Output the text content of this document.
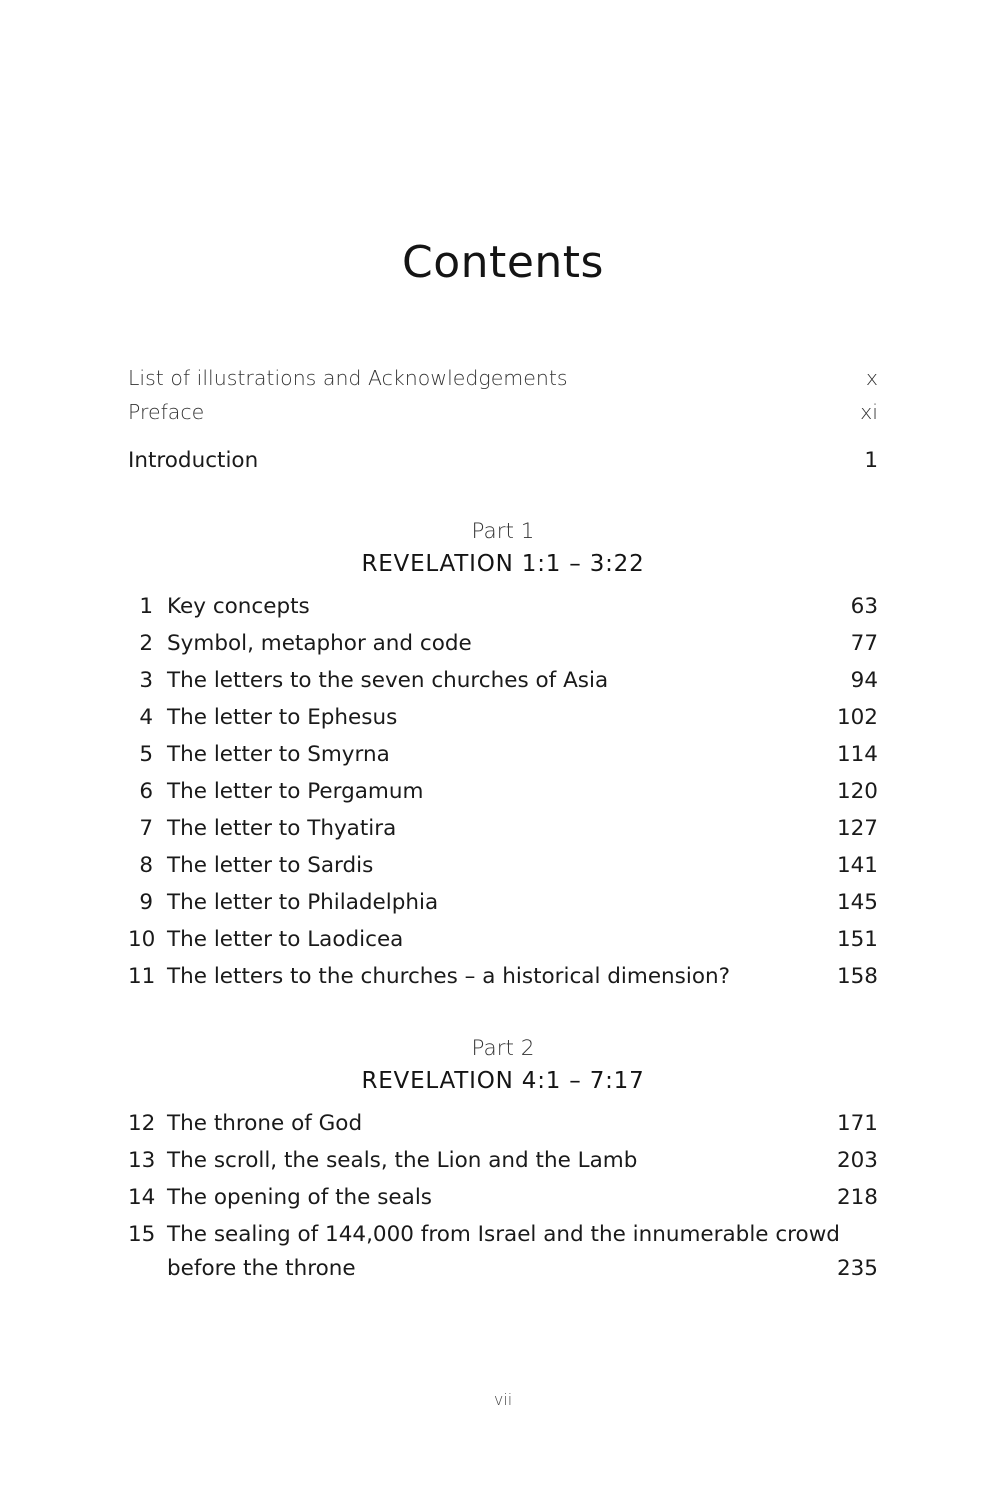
Contents
List of illustrations and Acknowledgements	x
Preface	xi
Introduction	1
Part 1
REVELATION 1:1 – 3:22
1 Key concepts	63
2 Symbol, metaphor and code	77
3 The letters to the seven churches of Asia	94
4 The letter to Ephesus	102
5 The letter to Smyrna	114
6 The letter to Pergamum	120
7 The letter to Thyatira	127
8 The letter to Sardis	141
9 The letter to Philadelphia	145
10 The letter to Laodicea	151
11 The letters to the churches – a historical dimension?	158
Part 2
REVELATION 4:1 – 7:17
12 The throne of God	171
13 The scroll, the seals, the Lion and the Lamb	203
14 The opening of the seals	218
15 The sealing of 144,000 from Israel and the innumerable crowd
before the throne	235
vii
